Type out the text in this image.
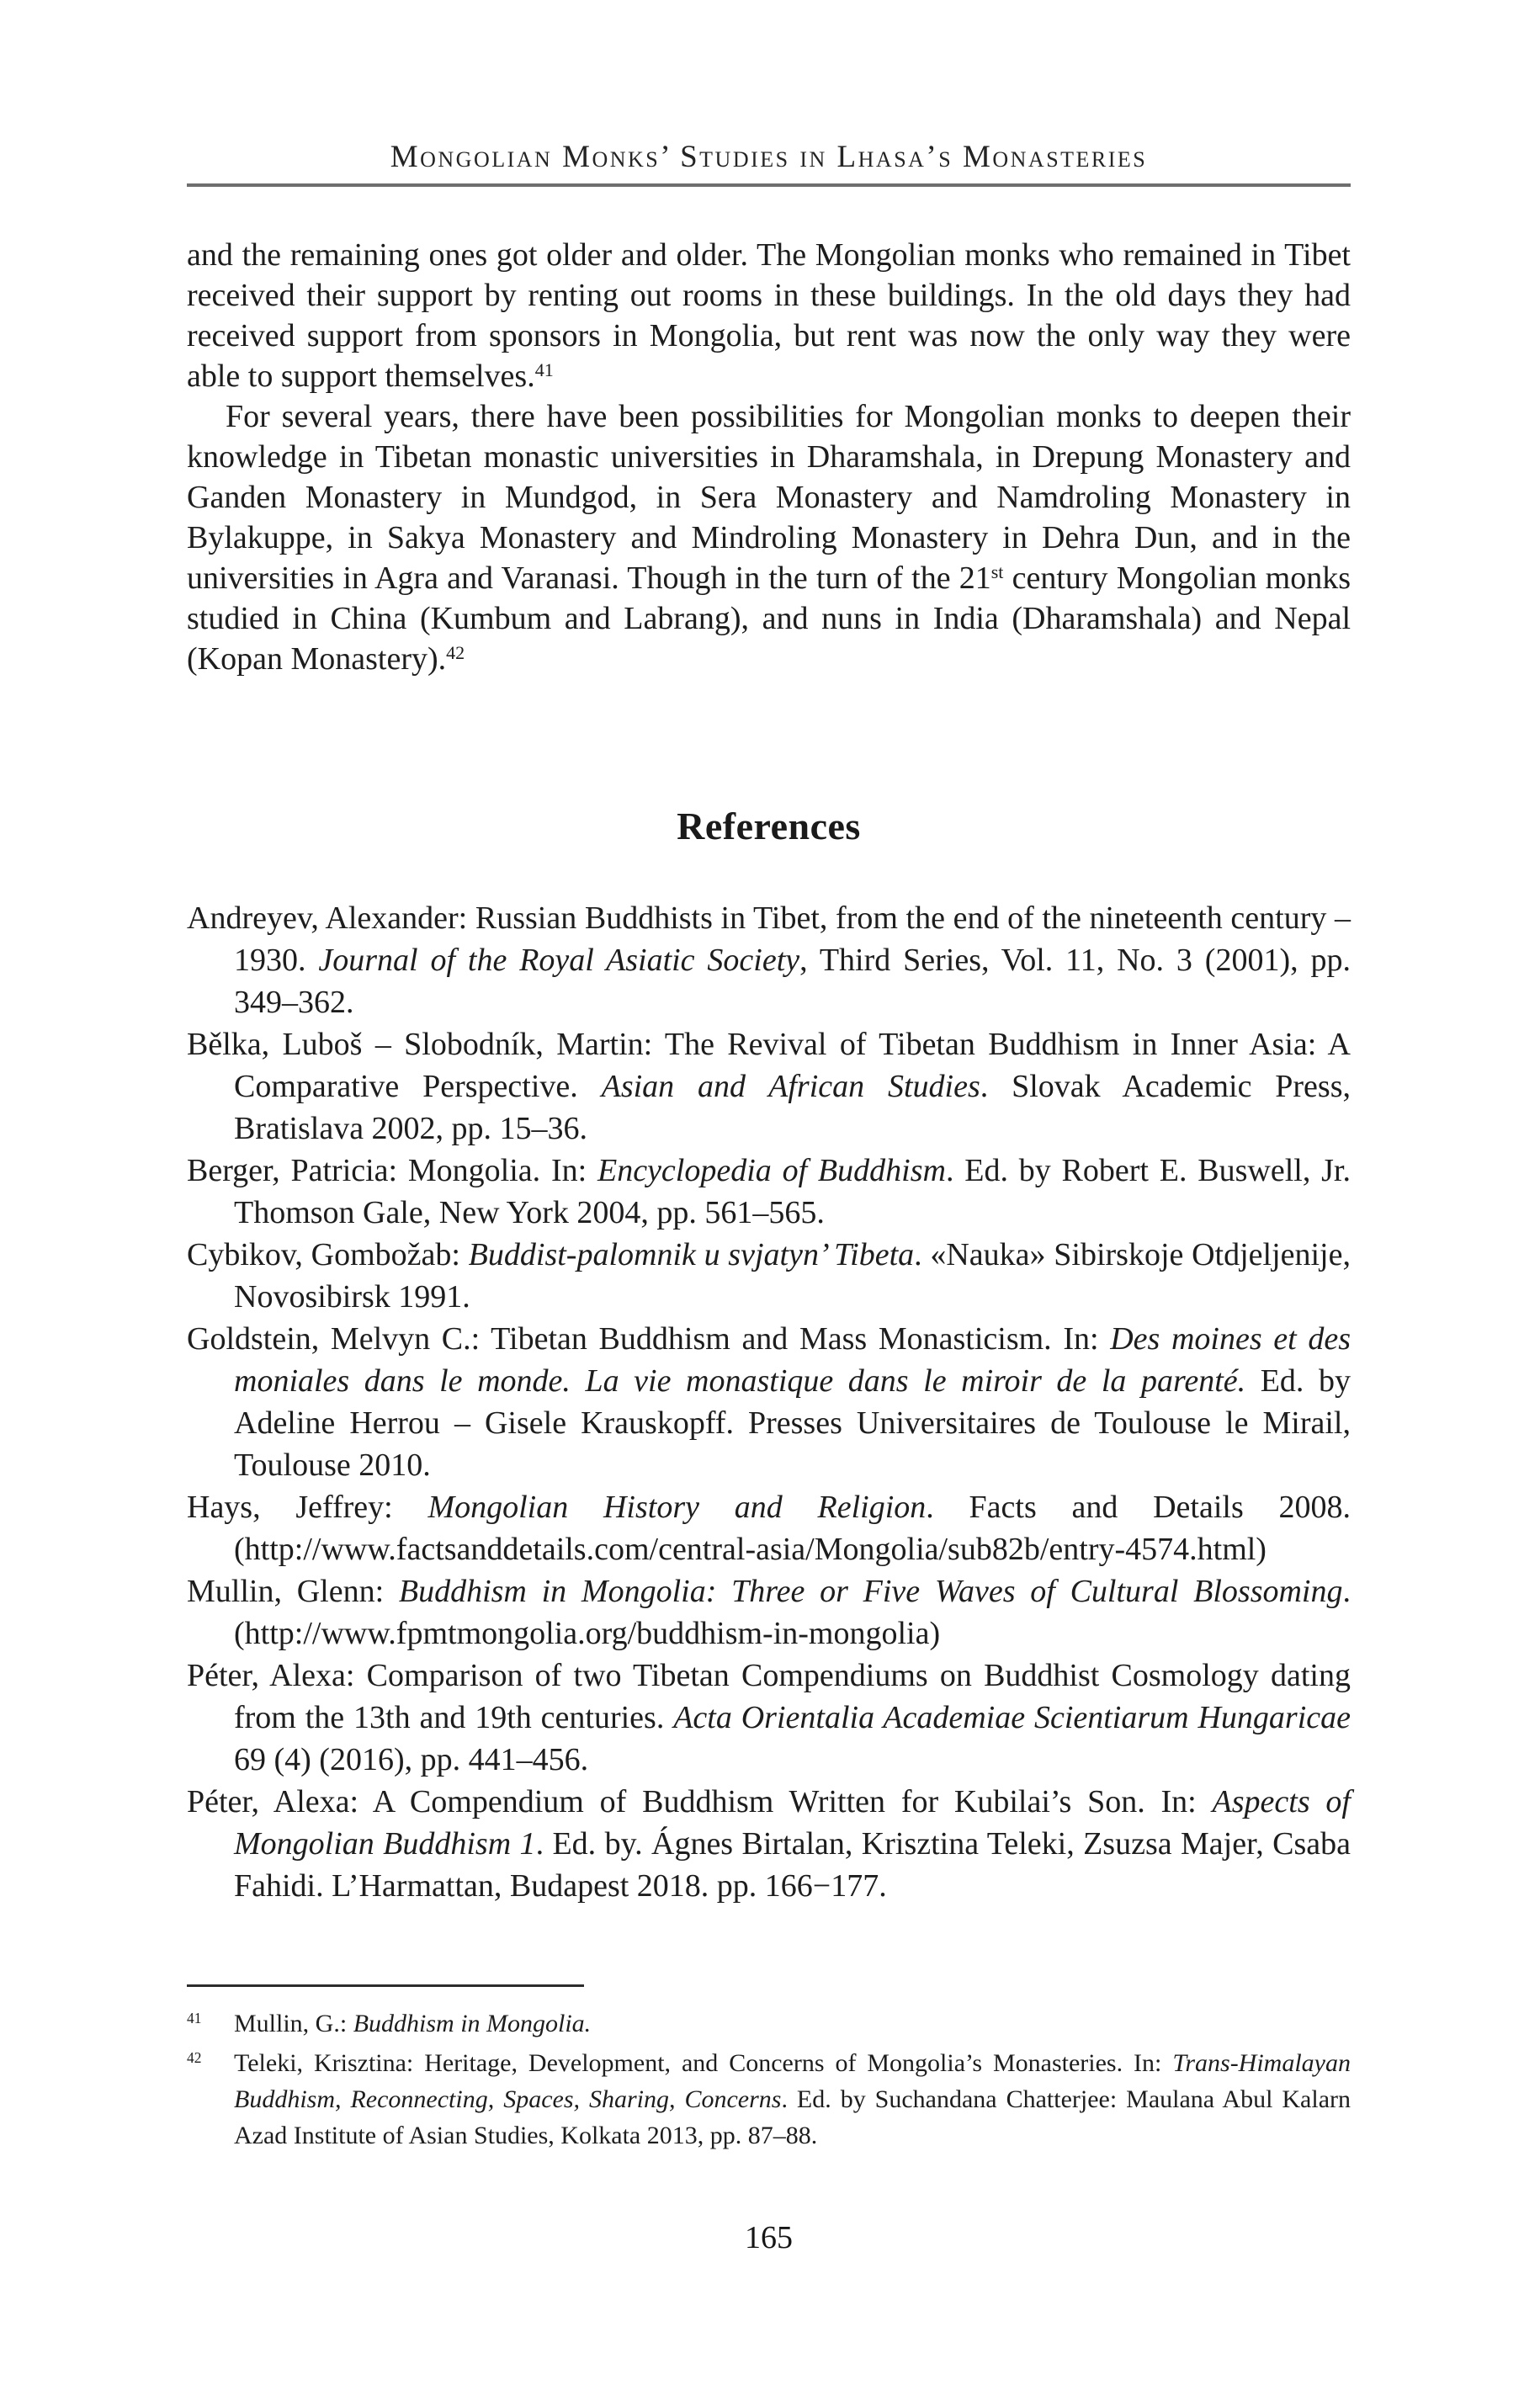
Mongolian Monks’ Studies in Lhasa’s Monasteries

and the remaining ones got older and older. The Mongolian monks who remained in Tibet received their support by renting out rooms in these buildings. In the old days they had received support from sponsors in Mongolia, but rent was now the only way they were able to support themselves.$^{41}$

For several years, there have been possibilities for Mongolian monks to deepen their knowledge in Tibetan monastic universities in Dharamshala, in Drepung Monastery and Ganden Monastery in Mundgod, in Sera Monastery and Namdroling Monastery in Bylakuppe, in Sakya Monastery and Mindroling Monastery in Dehra Dun, and in the universities in Agra and Varanasi. Though in the turn of the 21st century Mongolian monks studied in China (Kumbum and Labrang), and nuns in India (Dharamshala) and Nepal (Kopan Monastery).$^{42}$

References

Andreyev, Alexander: Russian Buddhists in Tibet, from the end of the nineteenth century – 1930. Journal of the Royal Asiatic Society, Third Series, Vol. 11, No. 3 (2001), pp. 349–362.

Bělka, Luboš – Slobodník, Martin: The Revival of Tibetan Buddhism in Inner Asia: A Comparative Perspective. Asian and African Studies. Slovak Academic Press, Bratislava 2002, pp. 15–36.

Berger, Patricia: Mongolia. In: Encyclopedia of Buddhism. Ed. by Robert E. Buswell, Jr. Thomson Gale, New York 2004, pp. 561–565.

Cybikov, Gombožab: Buddist-palomnik u svjatyn’ Tibeta. «Nauka» Sibirskoje Otdjeljenije, Novosibirsk 1991.

Goldstein, Melvyn C.: Tibetan Buddhism and Mass Monasticism. In: Des moines et des moniales dans le monde. La vie monastique dans le miroir de la parenté. Ed. by Adeline Herrou – Gisele Krauskopff. Presses Universitaires de Toulouse le Mirail, Toulouse 2010.

Hays, Jeffrey: Mongolian History and Religion. Facts and Details 2008. (http://www.factsanddetails.com/central-asia/Mongolia/sub82b/entry-4574.html)

Mullin, Glenn: Buddhism in Mongolia: Three or Five Waves of Cultural Blossoming. (http://www.fpmtmongolia.org/buddhism-in-mongolia)

Péter, Alexa: Comparison of two Tibetan Compendiums on Buddhist Cosmology dating from the 13th and 19th centuries. Acta Orientalia Academiae Scientiarum Hungaricae 69 (4) (2016), pp. 441–456.

Péter, Alexa: A Compendium of Buddhism Written for Kubilai’s Son. In: Aspects of Mongolian Buddhism 1. Ed. by. Ágnes Birtalan, Krisztina Teleki, Zsuzsa Majer, Csaba Fahidi. L’Harmattan, Budapest 2018. pp. 166−177.

$^{41}$ Mullin, G.: Buddhism in Mongolia.

$^{42}$ Teleki, Krisztina: Heritage, Development, and Concerns of Mongolia’s Monasteries. In: Trans-Himalayan Buddhism, Reconnecting, Spaces, Sharing, Concerns. Ed. by Suchandana Chatterjee: Maulana Abul Kalarn Azad Institute of Asian Studies, Kolkata 2013, pp. 87–88.

165
